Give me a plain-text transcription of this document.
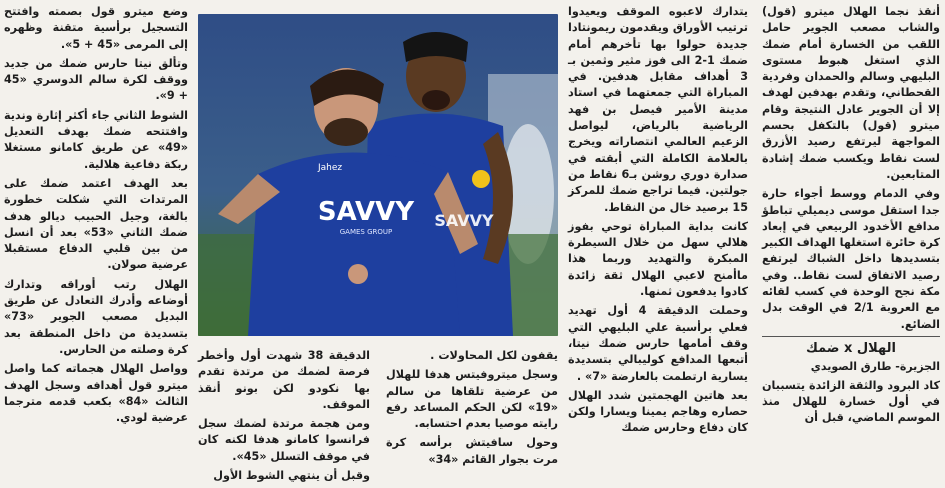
أنقذ نجما الهلال ميترو (قول) والشاب مصعب الجوير حامل اللقب من الخسارة أمام ضمك الذي استغل هبوط مستوى البليهي وسالم والحمدان وفردية القحطاني، وتقدم بهدفين لهدف إلا أن الجوير عادل النتيجة وقام ميترو (قول) بالتكفل بحسم المواجهة ليرتفع رصيد الأزرق لست نقاط ويكسب ضمك إشادة المتابعين.

وفي الدمام ووسط أجواء حارة جدا استقل موسى ديميلي تباطؤ مدافع الأخدود الربيعي في إبعاد كرة حائرة استغلها الهداف الكبير بتسديدها داخل الشباك ليرتفع رصيد الاتفاق لست نقاط.. وفي مكة نجح الوحدة في كسب لقائه مع العروبة 2/1 في الوقت بدل الضائع.

الهلال x ضمك
الجزيرة- طارق الصويدي

كاد البرود والثقة الزائدة يتسببان في أول خسارة للهلال منذ الموسم الماضي، قبل أن

يتدارك لاعبوه الموقف ويعيدوا ترتيب الأوراق ويقدمون ريمونتادا جديدة حولوا بها تأخرهم أمام ضمك 1-2 الى فوز مثير وثمين بـ 3 أهداف مقابل هدفين. في المباراة التي جمعتهما في استاد مدينة الأمير فيصل بن فهد الرياضية بالرياض، ليواصل الزعيم العالمي انتصاراته ويخرج بالعلامة الكاملة التي أبقته في صدارة دوري روشن بـ6 نقاط من جولتين. فيما تراجع ضمك للمركز 15 برصيد خال من النقاط.

كانت بداية المباراة توحي بفوز هلالي سهل من خلال السيطرة المبكرة والتهديد وربما هذا ماأمنح لاعبي الهلال ثقة زائدة كادوا يدفعون ثمنها.

وحملت الدقيقة 4 أول تهديد فعلي برأسية علي البليهي التي وقف أمامها حارس ضمك نيتا، أتبعها المدافع كوليبالي بتسديدة يسارية ارتطمت بالعارضة «7» .

بعد هاتين الهجمتين شدد الهلال حصاره وهاجم يمينا ويسارا ولكن كان دفاع وحارس ضمك

SAVVY
GAMES GROUP
Jahez
SAVVY

يقفون لكل المحاولات .

وسجل ميتروفيتس هدفا للهلال من عرضية تلقاها من سالم «19» لكن الحكم المساعد رفع رايته موصيا بعدم احتسابه.

وحول سافيتش برأسه كرة مرت بجوار القائم «34»

الدقيقة 38 شهدت أول وأخطر فرصة لضمك من مرتدة تقدم بها نكودو لكن بونو أنقذ الموقف.

ومن هجمة مرتدة لضمك سجل فرانسوا كامانو هدفا لكنه كان في موقف التسلل «45».

وقبل أن ينتهي الشوط الأول

وضع ميترو قول بصمته وافتتح التسجيل برأسية متقنة وظهره إلى المرمى «45 + 5».

وتألق نيتا حارس ضمك من جديد ووقف لكرة سالم الدوسري «45 + 9».

الشوط الثاني جاء أكثر إثارة وندية وافتتحه ضمك بهدف التعديل «49» عن طريق كامانو مستغلا ربكة دفاعية هلالية.

بعد الهدف اعتمد ضمك على المرتدات التي شكلت خطورة بالغة، وجيل الحبيب ديالو هدف ضمك الثاني «53» بعد أن انسل من بين قلبي الدفاع مستقبلا عرضية صولان.

الهلال رتب أوراقه وتدارك أوضاعه وأدرك التعادل عن طريق البديل مصعب الجوير «73» بتسديدة من داخل المنطقة بعد كرة وصلته من الحارس.

وواصل الهلال هجماته كما واصل ميترو قول أهدافه وسجل الهدف الثالث «84» بكعب قدمه مترجما عرضية لودي.
